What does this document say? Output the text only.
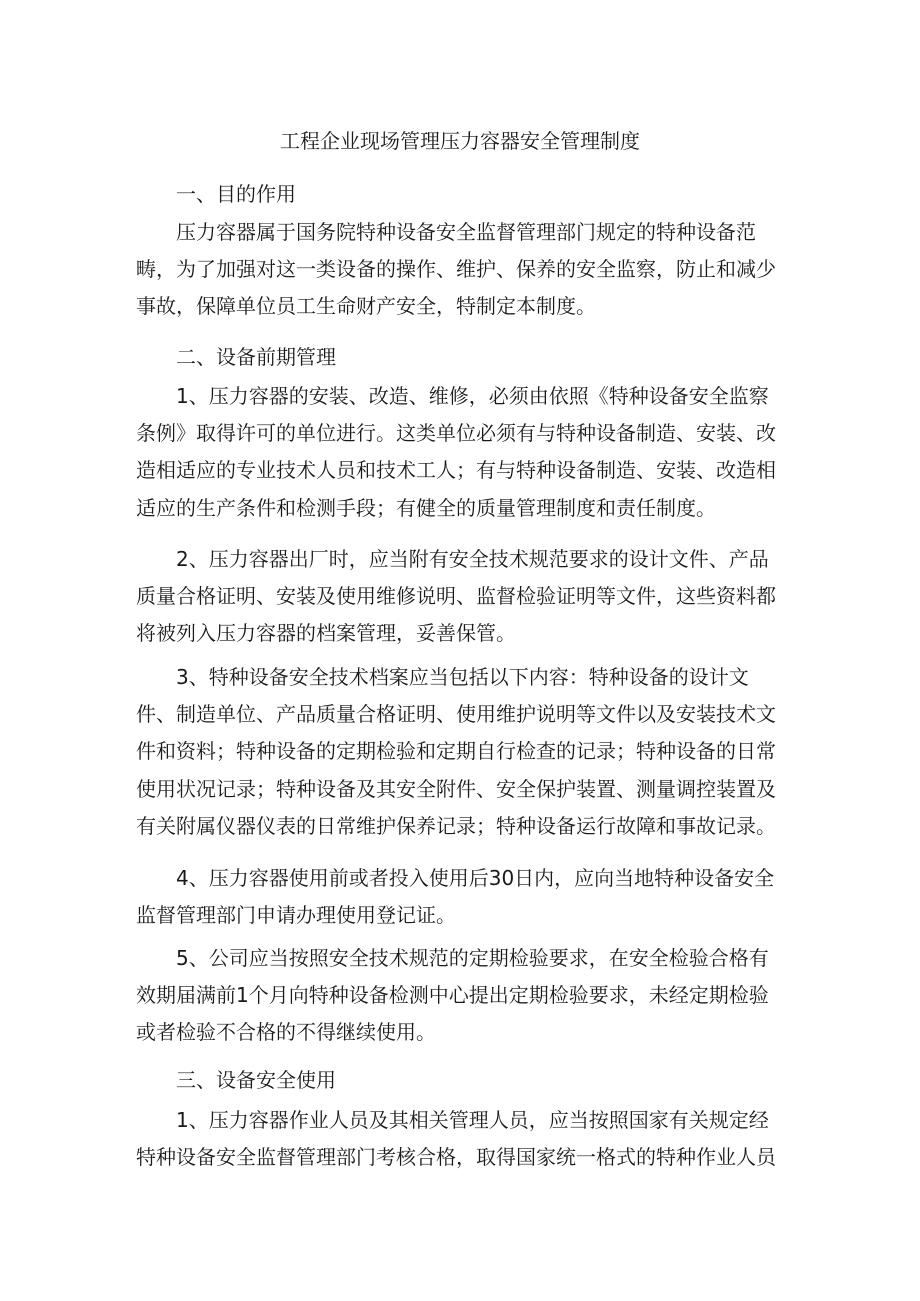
工程企业现场管理压力容器安全管理制度
一、目的作用
压力容器属于国务院特种设备安全监督管理部门规定的特种设备范
畴，为了加强对这一类设备的操作、维护、保养的安全监察，防止和减少
事故，保障单位员工生命财产安全，特制定本制度。
二、设备前期管理
1、压力容器的安装、改造、维修，必须由依照《特种设备安全监察
条例》取得许可的单位进行。这类单位必须有与特种设备制造、安装、改
造相适应的专业技术人员和技术工人；有与特种设备制造、安装、改造相
适应的生产条件和检测手段；有健全的质量管理制度和责任制度。
2、压力容器出厂时，应当附有安全技术规范要求的设计文件、产品
质量合格证明、安装及使用维修说明、监督检验证明等文件，这些资料都
将被列入压力容器的档案管理，妥善保管。
3、特种设备安全技术档案应当包括以下内容：特种设备的设计文
件、制造单位、产品质量合格证明、使用维护说明等文件以及安装技术文
件和资料；特种设备的定期检验和定期自行检查的记录；特种设备的日常
使用状况记录；特种设备及其安全附件、安全保护装置、测量调控装置及
有关附属仪器仪表的日常维护保养记录；特种设备运行故障和事故记录。
4、压力容器使用前或者投入使用后30日内，应向当地特种设备安全
监督管理部门申请办理使用登记证。
5、公司应当按照安全技术规范的定期检验要求，在安全检验合格有
效期届满前1个月向特种设备检测中心提出定期检验要求，未经定期检验
或者检验不合格的不得继续使用。
三、设备安全使用
1、压力容器作业人员及其相关管理人员，应当按照国家有关规定经
特种设备安全监督管理部门考核合格，取得国家统一格式的特种作业人员
